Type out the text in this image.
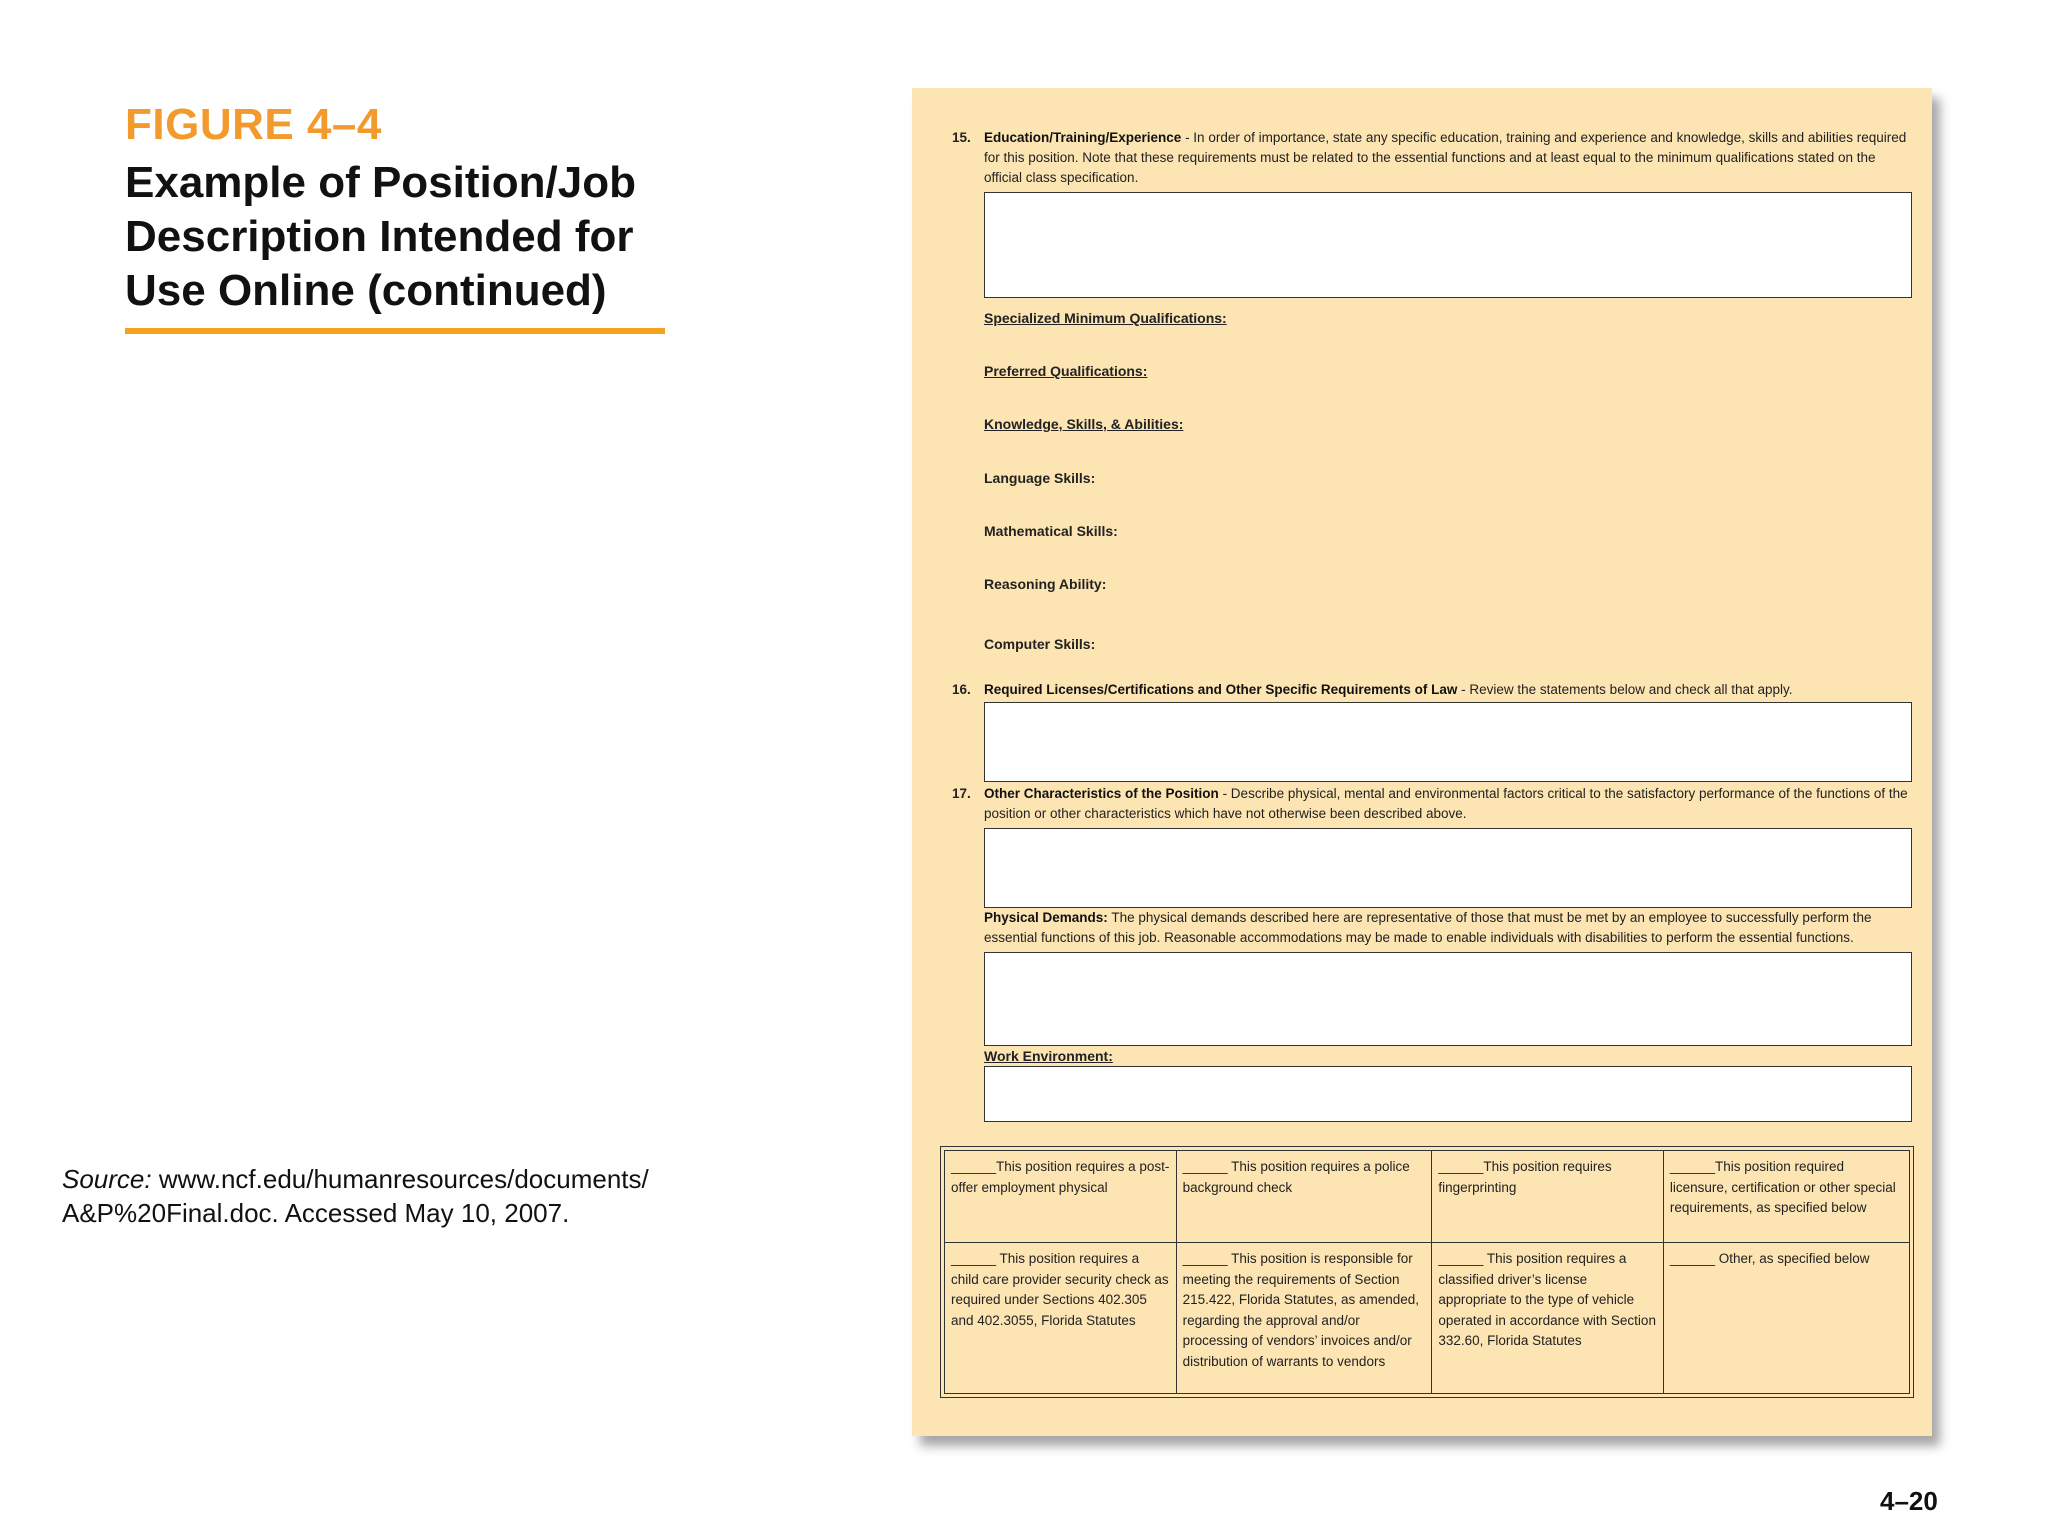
FIGURE 4–4
Example of Position/Job Description Intended for Use Online (continued)
Source: www.ncf.edu/humanresources/documents/ A&P%20Final.doc. Accessed May 10, 2007.
4–20
15. Education/Training/Experience - In order of importance, state any specific education, training and experience and knowledge, skills and abilities required for this position. Note that these requirements must be related to the essential functions and at least equal to the minimum qualifications stated on the official class specification.
Specialized Minimum Qualifications:
Preferred Qualifications:
Knowledge, Skills, & Abilities:
Language Skills:
Mathematical Skills:
Reasoning Ability:
Computer Skills:
16. Required Licenses/Certifications and Other Specific Requirements of Law - Review the statements below and check all that apply.
17. Other Characteristics of the Position - Describe physical, mental and environmental factors critical to the satisfactory performance of the functions of the position or other characteristics which have not otherwise been described above.
Physical Demands: The physical demands described here are representative of those that must be met by an employee to successfully perform the essential functions of this job. Reasonable accommodations may be made to enable individuals with disabilities to perform the essential functions.
Work Environment:
______This position requires a post-offer employment physical	______ This position requires a police background check	______This position requires fingerprinting	______This position required licensure, certification or other special requirements, as specified below
______ This position requires a child care provider security check as required under Sections 402.305 and 402.3055, Florida Statutes	______ This position is responsible for meeting the requirements of Section 215.422, Florida Statutes, as amended, regarding the approval and/or processing of vendors’ invoices and/or distribution of warrants to vendors	______ This position requires a classified driver’s license appropriate to the type of vehicle operated in accordance with Section 332.60, Florida Statutes	______ Other, as specified below
